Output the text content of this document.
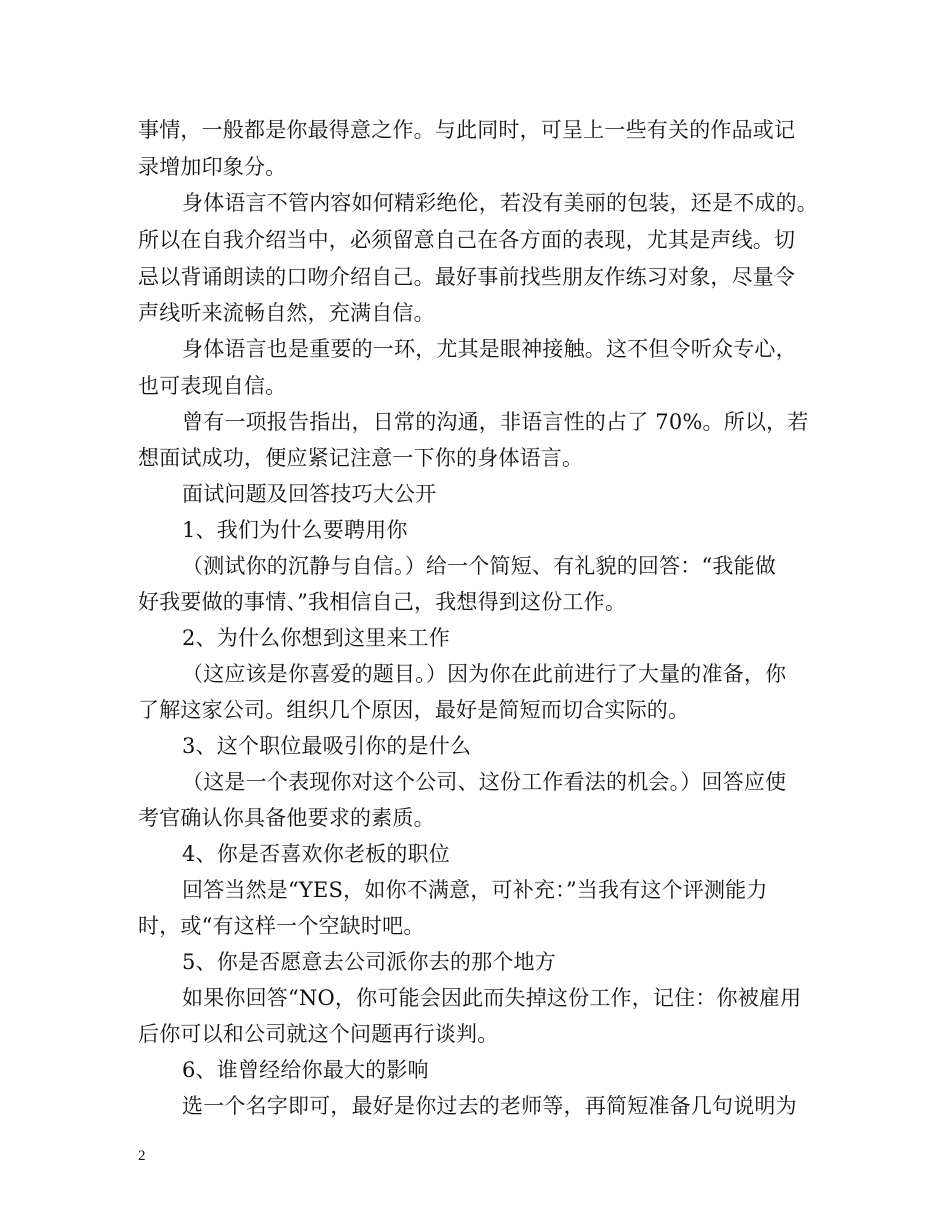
事情，一般都是你最得意之作。与此同时，可呈上一些有关的作品或记
录增加印象分。
身体语言不管内容如何精彩绝伦，若没有美丽的包装，还是不成的。
所以在自我介绍当中，必须留意自己在各方面的表现，尤其是声线。切
忌以背诵朗读的口吻介绍自己。最好事前找些朋友作练习对象，尽量令
声线听来流畅自然，充满自信。
身体语言也是重要的一环，尤其是眼神接触。这不但令听众专心，
也可表现自信。
曾有一项报告指出，日常的沟通，非语言性的占了 70%。所以，若
想面试成功，便应紧记注意一下你的身体语言。
面试问题及回答技巧大公开
1、我们为什么要聘用你
（测试你的沉静与自信。）给一个简短、有礼貌的回答：“我能做
好我要做的事情、”我相信自己，我想得到这份工作。
2、为什么你想到这里来工作
（这应该是你喜爱的题目。）因为你在此前进行了大量的准备，你
了解这家公司。组织几个原因，最好是简短而切合实际的。
3、这个职位最吸引你的是什么
（这是一个表现你对这个公司、这份工作看法的机会。）回答应使
考官确认你具备他要求的素质。
4、你是否喜欢你老板的职位
回答当然是“YES，如你不满意，可补充：”当我有这个评测能力
时，或“有这样一个空缺时吧。
5、你是否愿意去公司派你去的那个地方
如果你回答“NO，你可能会因此而失掉这份工作，记住：你被雇用
后你可以和公司就这个问题再行谈判。
6、谁曾经给你最大的影响
选一个名字即可，最好是你过去的老师等，再简短准备几句说明为
2
